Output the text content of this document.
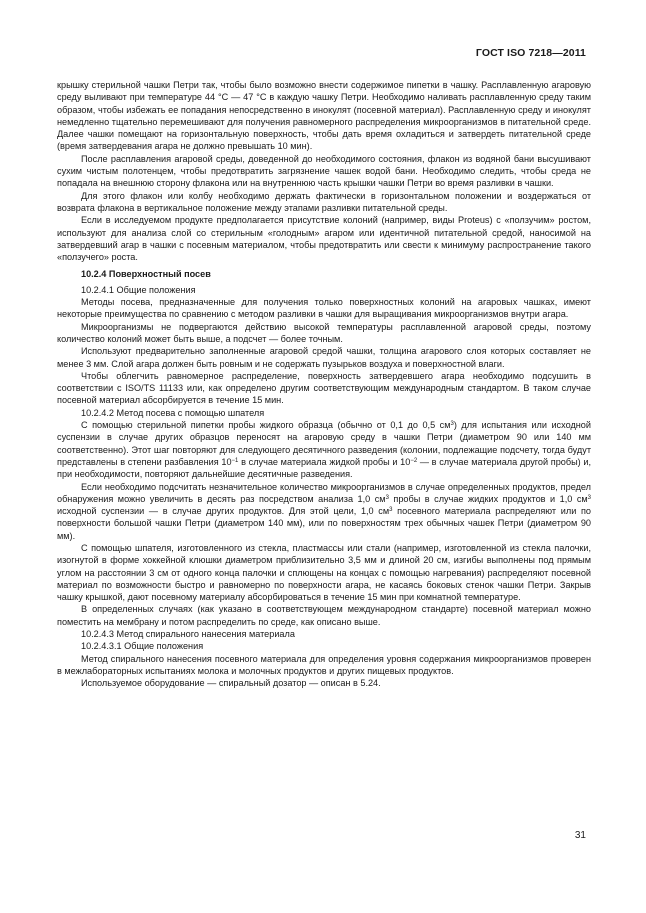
ГОСТ ISO 7218—2011

крышку стерильной чашки Петри так, чтобы было возможно внести содержимое пипетки в чашку. Расплавленную агаровую среду выливают при температуре 44 °С — 47 °С в каждую чашку Петри. Необходимо наливать расплавленную среду таким образом, чтобы избежать ее попадания непосредственно в инокулят (посевной материал). Расплавленную среду и инокулят немедленно тщательно перемешивают для получения равномерного распределения микроорганизмов в питательной среде. Далее чашки помещают на горизонтальную поверхность, чтобы дать время охладиться и затвердеть питательной среде (время затвердевания агара не должно превышать 10 мин).

После расплавления агаровой среды, доведенной до необходимого состояния, флакон из водяной бани высушивают сухим чистым полотенцем, чтобы предотвратить загрязнение чашек водой бани. Необходимо следить, чтобы среда не попадала на внешнюю сторону флакона или на внутреннюю часть крышки чашки Петри во время разливки в чашки.

Для этого флакон или колбу необходимо держать фактически в горизонтальном положении и воздержаться от возврата флакона в вертикальное положение между этапами разливки питательной среды.

Если в исследуемом продукте предполагается присутствие колоний (например, виды Proteus) с «ползучим» ростом, используют для анализа слой со стерильным «голодным» агаром или идентичной питательной средой, наносимой на затвердевший агар в чашки с посевным материалом, чтобы предотвратить или свести к минимуму распространение такого «ползучего» роста.

10.2.4 Поверхностный посев

10.2.4.1 Общие положения

Методы посева, предназначенные для получения только поверхностных колоний на агаровых чашках, имеют некоторые преимущества по сравнению с методом разливки в чашки для выращивания микроорганизмов внутри агара.

Микроорганизмы не подвергаются действию высокой температуры расплавленной агаровой среды, поэтому количество колоний может быть выше, а подсчет — более точным.

Используют предварительно заполненные агаровой средой чашки, толщина агарового слоя которых составляет не менее 3 мм. Слой агара должен быть ровным и не содержать пузырьков воздуха и поверхностной влаги.

Чтобы облегчить равномерное распределение, поверхность затвердевшего агара необходимо подсушить в соответствии с ISO/TS 11133 или, как определено другим соответствующим международным стандартом. В таком случае посевной материал абсорбируется в течение 15 мин.

10.2.4.2 Метод посева с помощью шпателя

С помощью стерильной пипетки пробы жидкого образца (обычно от 0,1 до 0,5 $см^3$) для испытания или исходной суспензии в случае других образцов переносят на агаровую среду в чашки Петри (диаметром 90 или 140 мм соответственно). Этот шаг повторяют для следующего десятичного разведения (колонии, подлежащие подсчету, тогда будут представлены в степени разбавления $10^{-1}$ в случае материала жидкой пробы и $10^{-2}$ — в случае материала другой пробы) и, при необходимости, повторяют дальнейшие десятичные разведения.

Если необходимо подсчитать незначительное количество микроорганизмов в случае определенных продуктов, предел обнаружения можно увеличить в десять раз посредством анализа 1,0 $см^3$ пробы в случае жидких продуктов и 1,0 $см^3$ исходной суспензии — в случае других продуктов. Для этой цели, 1,0 $см^3$ посевного материала распределяют или по поверхности большой чашки Петри (диаметром 140 мм), или по поверхностям трех обычных чашек Петри (диаметром 90 мм).

С помощью шпателя, изготовленного из стекла, пластмассы или стали (например, изготовленной из стекла палочки, изогнутой в форме хоккейной клюшки диаметром приблизительно 3,5 мм и длиной 20 см, изгибы выполнены под прямым углом на расстоянии 3 см от одного конца палочки и сплющены на концах с помощью нагревания) распределяют посевной материал по возможности быстро и равномерно по поверхности агара, не касаясь боковых стенок чашки Петри. Закрыв чашку крышкой, дают посевному материалу абсорбироваться в течение 15 мин при комнатной температуре.

В определенных случаях (как указано в соответствующем международном стандарте) посевной материал можно поместить на мембрану и потом распределить по среде, как описано выше.

10.2.4.3 Метод спирального нанесения материала

10.2.4.3.1 Общие положения

Метод спирального нанесения посевного материала для определения уровня содержания микроорганизмов проверен в межлабораторных испытаниях молока и молочных продуктов и других пищевых продуктов.

Используемое оборудование — спиральный дозатор — описан в 5.24.

31
